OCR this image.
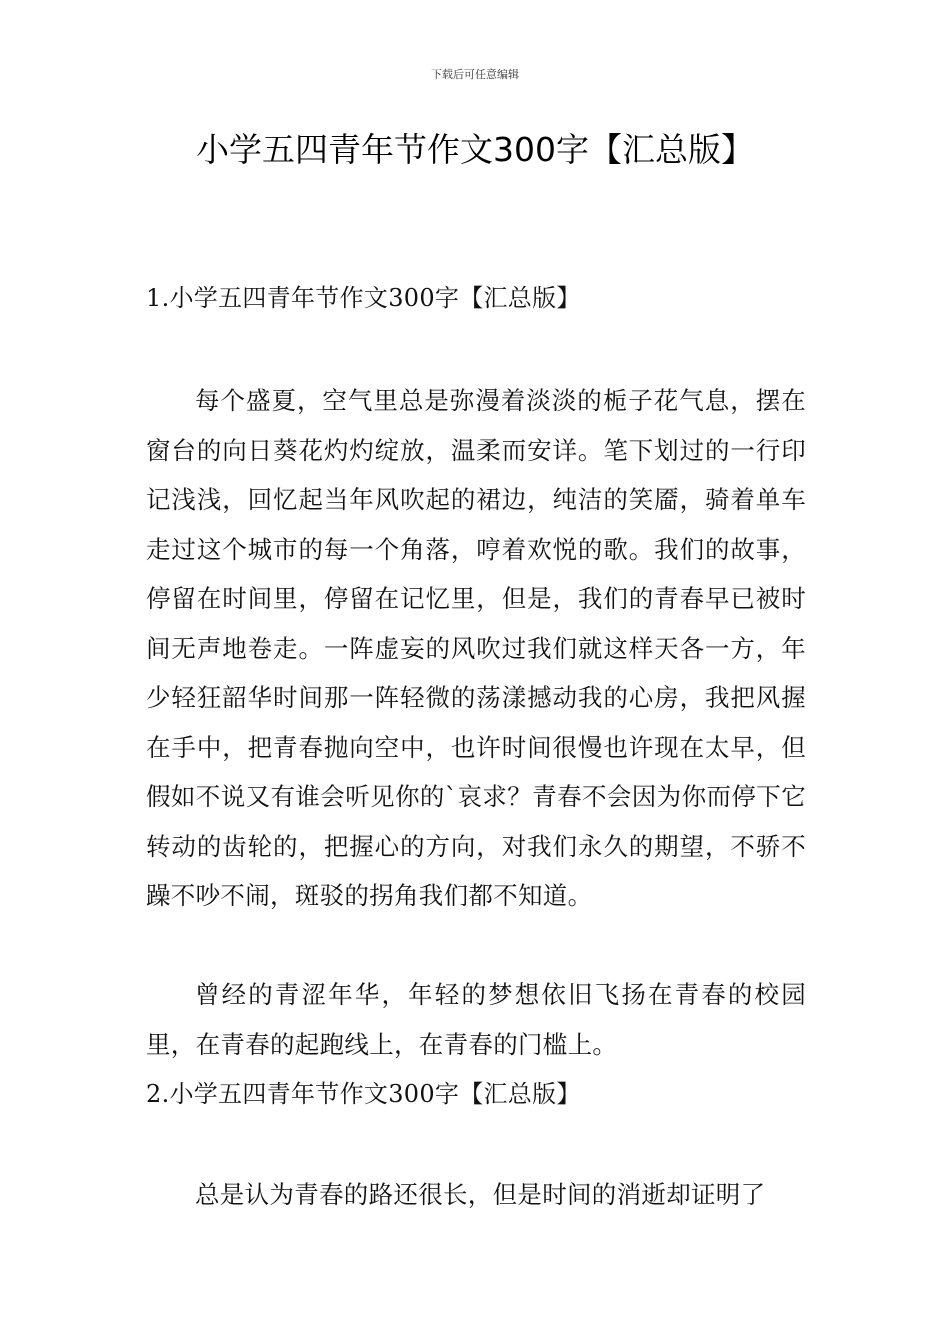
下载后可任意编辑
小学五四青年节作文300字【汇总版】
1.小学五四青年节作文300字【汇总版】

每个盛夏，空气里总是弥漫着淡淡的栀子花气息，摆在窗台的向日葵花灼灼绽放，温柔而安详。笔下划过的一行印记浅浅，回忆起当年风吹起的裙边，纯洁的笑靥，骑着单车走过这个城市的每一个角落，哼着欢悦的歌。我们的故事，停留在时间里，停留在记忆里，但是，我们的青春早已被时间无声地卷走。一阵虚妄的风吹过我们就这样天各一方，年少轻狂韶华时间那一阵轻微的荡漾撼动我的心房，我把风握在手中，把青春抛向空中，也许时间很慢也许现在太早，但假如不说又有谁会听见你的`哀求？青春不会因为你而停下它转动的齿轮的，把握心的方向，对我们永久的期望，不骄不躁不吵不闹，斑驳的拐角我们都不知道。

曾经的青涩年华，年轻的梦想依旧飞扬在青春的校园里，在青春的起跑线上，在青春的门槛上。

2.小学五四青年节作文300字【汇总版】

总是认为青春的路还很长，但是时间的消逝却证明了
